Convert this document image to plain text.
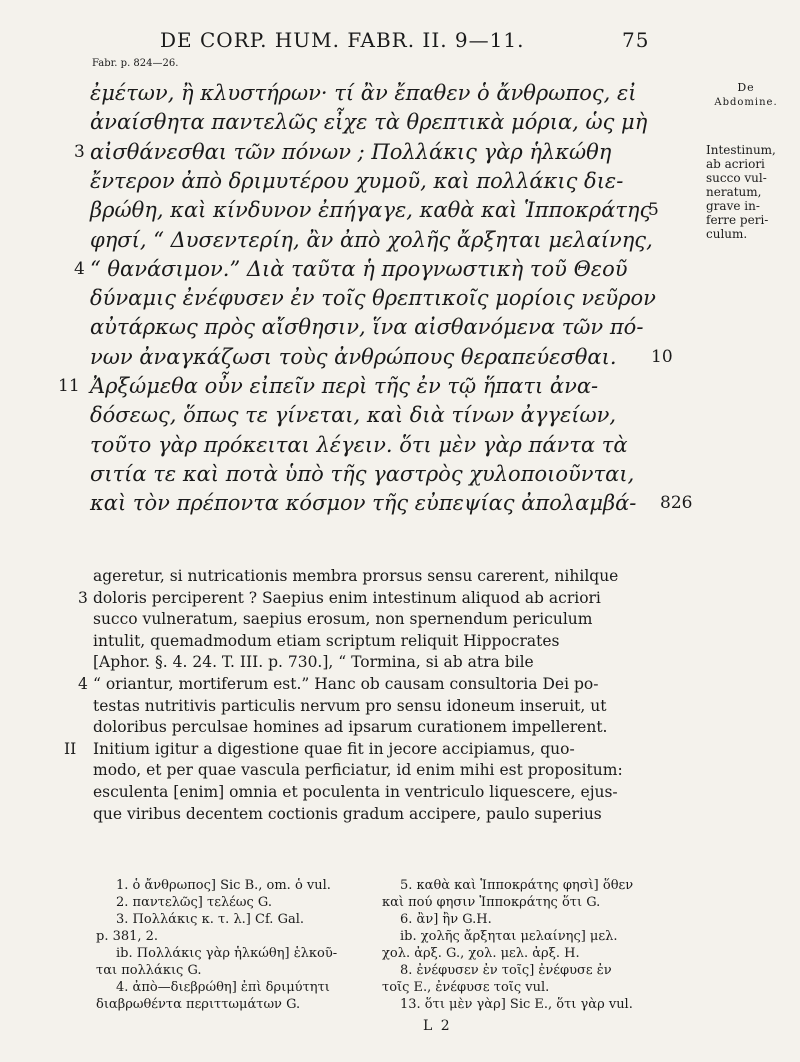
DE CORP. HUM. FABR. II. 9—11.	75
Fabr. p. 824—26.
De
Abdomine.
Intestinum,
ab acriori
succo vul-
neratum,
grave in-
ferre peri-
culum.
ἐμέτων, ἢ κλυστήρων· τί ἂν ἔπαθεν ὁ ἄνθρωπος, εἰ
ἀναίσθητα παντελῶς εἶχε τὰ θρεπτικὰ μόρια, ὡς μὴ
αἰσθάνεσθαι τῶν πόνων ; Πολλάκις γὰρ ἡλκώθη
3
ἔντερον ἀπὸ δριμυτέρου χυμοῦ, καὶ πολλάκις διε-
βρώθη, καὶ κίνδυνον ἐπήγαγε, καθὰ καὶ Ἱπποκράτης
5
φησί, “ Δυσεντερίη, ἂν ἀπὸ χολῆς ἄρξηται μελαίνης,
“ θανάσιμον.” Διὰ ταῦτα ἡ προγνωστικὴ τοῦ Θεοῦ
4
δύναμις ἐνέφυσεν ἐν τοῖς θρεπτικοῖς μορίοις νεῦρον
αὐτάρκως πρὸς αἴσθησιν, ἵνα αἰσθανόμενα τῶν πό-
νων ἀναγκάζωσι τοὺς ἀνθρώπους θεραπεύεσθαι. 10
Ἀρξώμεθα οὖν εἰπεῖν περὶ τῆς ἐν τῷ ἥπατι ἀνα-
11
δόσεως, ὅπως τε γίνεται, καὶ διὰ τίνων ἀγγείων,
τοῦτο γὰρ πρόκειται λέγειν. ὅτι μὲν γὰρ πάντα τὰ
σιτία τε καὶ ποτὰ ὑπὸ τῆς γαστρὸς χυλοποιοῦνται,
καὶ τὸν πρέποντα κόσμον τῆς εὐπεψίας ἀπολαμβά- 826
ageretur, si nutricationis membra prorsus sensu carerent, nihilque
doloris perciperent ? Saepius enim intestinum aliquod ab acriori
3
succo vulneratum, saepius erosum, non spernendum periculum
intulit, quemadmodum etiam scriptum reliquit Hippocrates
[Aphor. §. 4. 24. T. III. p. 730.], “ Tormina, si ab atra bile
“ oriantur, mortiferum est.” Hanc ob causam consultoria Dei po-
4
testas nutritivis particulis nervum pro sensu idoneum inseruit, ut
doloribus perculsae homines ad ipsarum curationem impellerent.
Initium igitur a digestione quae fit in jecore accipiamus, quo-
II
modo, et per quae vascula perficiatur, id enim mihi est propositum:
esculenta [enim] omnia et poculenta in ventriculo liquescere, ejus-
que viribus decentem coctionis gradum accipere, paulo superius
1. ὁ ἄνθρωπος] Sic B., om. ὁ vul.
2. παντελῶς] τελέως G.
3. Πολλάκις κ. τ. λ.] Cf. Gal.
p. 381, 2.
ib. Πολλάκις γὰρ ἡλκώθη] ἑλκοῦ-
ται πολλάκις G.
4. ἀπὸ—διεβρώθη] ἐπὶ δριμύτητι
διαβρωθέντα περιττωμάτων G.
5. καθὰ καὶ Ἱπποκράτης φησὶ] ὅθεν
καὶ πού φησιν Ἱπποκράτης ὅτι G.
6. ἂν] ἢν G.H.
ib. χολῆς ἄρξηται μελαίνης] μελ.
χολ. ἀρξ. G., χολ. μελ. ἀρξ. H.
8. ἐνέφυσεν ἐν τοῖς] ἐνέφυσε ἐν
τοῖς E., ἐνέφυσε τοῖς vul.
13. ὅτι μὲν γὰρ] Sic E., ὅτι γὰρ vul.
L 2
